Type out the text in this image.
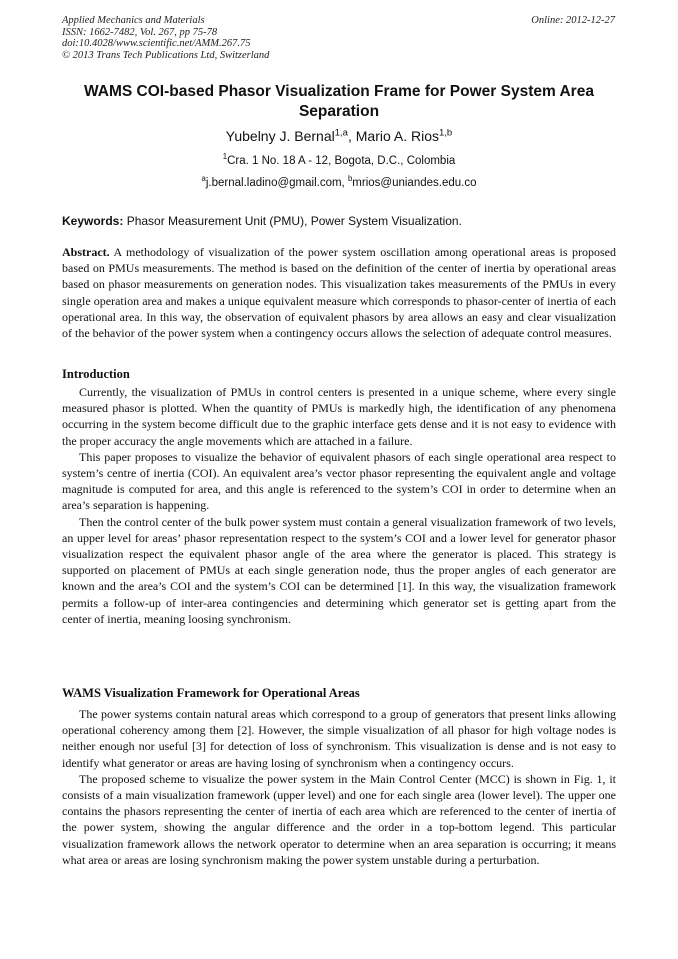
Applied Mechanics and Materials
ISSN: 1662-7482, Vol. 267, pp 75-78
doi:10.4028/www.scientific.net/AMM.267.75
© 2013 Trans Tech Publications Ltd, Switzerland
Online: 2012-12-27
WAMS COI-based Phasor Visualization Frame for Power System Area Separation
Yubelny J. Bernal$^{1,a}$, Mario A. Rios$^{1,b}$
$^1$Cra. 1 No. 18 A - 12, Bogota, D.C., Colombia
$^a$j.bernal.ladino@gmail.com, $^b$mrios@uniandes.edu.co
Keywords: Phasor Measurement Unit (PMU), Power System Visualization.

Abstract. A methodology of visualization of the power system oscillation among operational areas is proposed based on PMUs measurements. The method is based on the definition of the center of inertia by operational areas based on phasor measurements on generation nodes. This visualization takes measurements of the PMUs in every single operation area and makes a unique equivalent measure which corresponds to phasor-center of inertia of each operational area. In this way, the observation of equivalent phasors by area allows an easy and clear visualization of the behavior of the power system when a contingency occurs allows the selection of adequate control measures.

Introduction

Currently, the visualization of PMUs in control centers is presented in a unique scheme, where every single measured phasor is plotted. When the quantity of PMUs is markedly high, the identification of any phenomena occurring in the system become difficult due to the graphic interface gets dense and it is not easy to evidence with the proper accuracy the angle movements which are attached in a failure.

This paper proposes to visualize the behavior of equivalent phasors of each single operational area respect to system’s centre of inertia (COI). An equivalent area’s vector phasor representing the equivalent angle and voltage magnitude is computed for area, and this angle is referenced to the system’s COI in order to determine when an area’s separation is happening.

Then the control center of the bulk power system must contain a general visualization framework of two levels, an upper level for areas’ phasor representation respect to the system’s COI and a lower level for generator phasor visualization respect the equivalent phasor angle of the area where the generator is placed. This strategy is supported on placement of PMUs at each single generation node, thus the proper angles of each generator are known and the area’s COI and the system’s COI can be determined [1]. In this way, the visualization framework permits a follow-up of inter-area contingencies and determining which generator set is getting apart from the center of inertia, meaning loosing synchronism.

WAMS Visualization Framework for Operational Areas

The power systems contain natural areas which correspond to a group of generators that present links allowing operational coherency among them [2]. However, the simple visualization of all phasor for high voltage nodes is neither enough nor useful [3] for detection of loss of synchronism. This visualization is dense and is not easy to identify what generator or areas are having losing of synchronism when a contingency occurs.

The proposed scheme to visualize the power system in the Main Control Center (MCC) is shown in Fig. 1, it consists of a main visualization framework (upper level) and one for each single area (lower level). The upper one contains the phasors representing the center of inertia of each area which are referenced to the center of inertia of the power system, showing the angular difference and the order in a top-bottom legend. This particular visualization framework allows the network operator to determine when an area separation is occurring; it means what area or areas are losing synchronism making the power system unstable during a perturbation.
